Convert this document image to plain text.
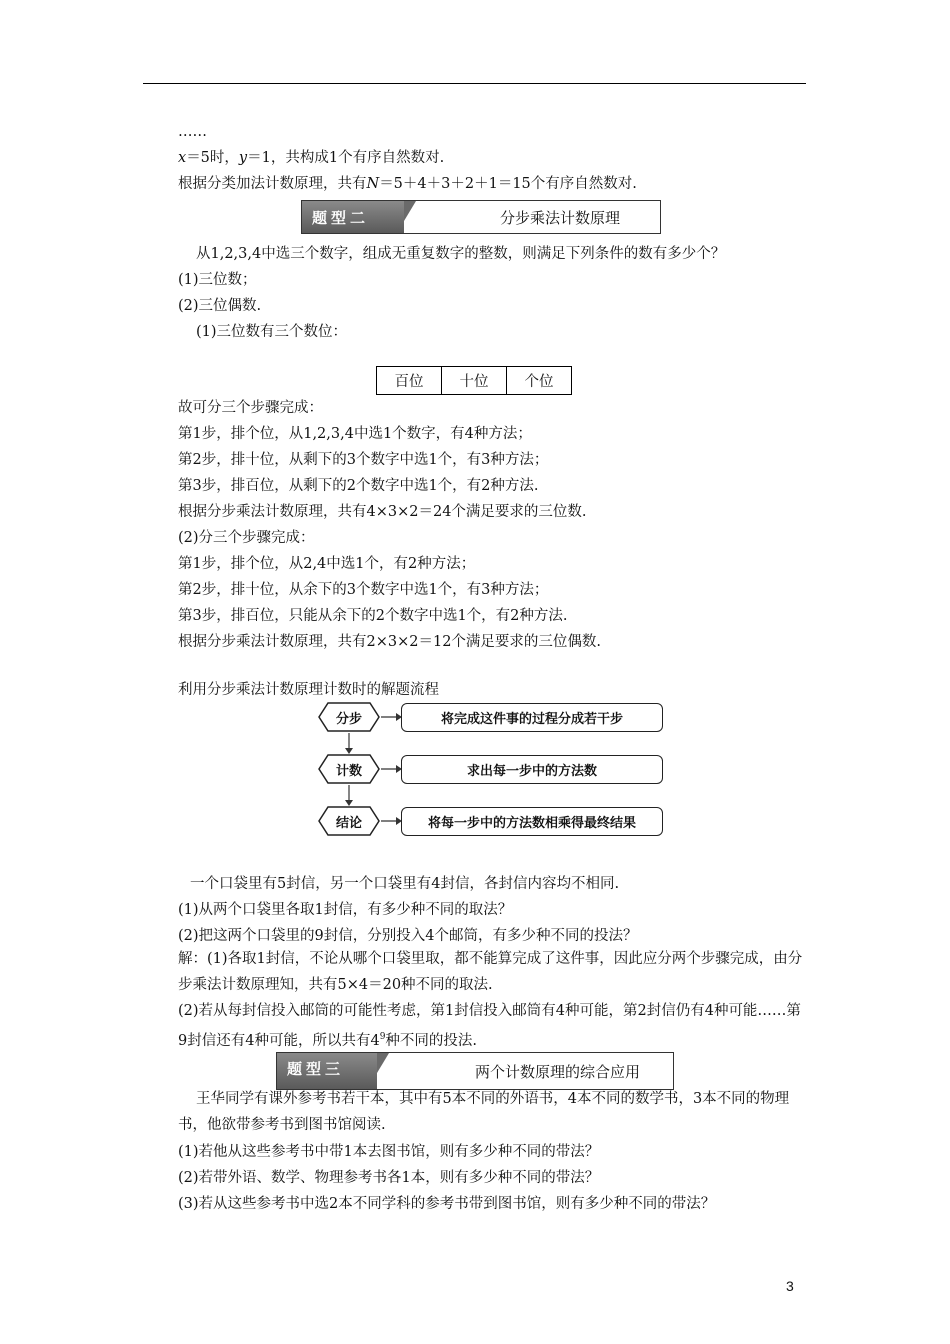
……
x＝5时，y＝1，共构成1个有序自然数对.
根据分类加法计数原理，共有N＝5＋4＋3＋2＋1＝15个有序自然数对.
题型二	分步乘法计数原理
从1,2,3,4中选三个数字，组成无重复数字的整数，则满足下列条件的数有多少个？
(1)三位数；
(2)三位偶数.
(1)三位数有三个数位：
百位	十位	个位
故可分三个步骤完成：
第1步，排个位，从1,2,3,4中选1个数字，有4种方法；
第2步，排十位，从剩下的3个数字中选1个，有3种方法；
第3步，排百位，从剩下的2个数字中选1个，有2种方法.
根据分步乘法计数原理，共有4×3×2＝24个满足要求的三位数.
(2)分三个步骤完成：
第1步，排个位，从2,4中选1个，有2种方法；
第2步，排十位，从余下的3个数字中选1个，有3种方法；
第3步，排百位，只能从余下的2个数字中选1个，有2种方法.
根据分步乘法计数原理，共有2×3×2＝12个满足要求的三位偶数.
利用分步乘法计数原理计数时的解题流程
分步	将完成这件事的过程分成若干步
计数	求出每一步中的方法数
结论	将每一步中的方法数相乘得最终结果
一个口袋里有5封信，另一个口袋里有4封信，各封信内容均不相同.
(1)从两个口袋里各取1封信，有多少种不同的取法？
(2)把这两个口袋里的9封信，分别投入4个邮筒，有多少种不同的投法？
解：(1)各取1封信，不论从哪个口袋里取，都不能算完成了这件事，因此应分两个步骤完成，由分步乘法计数原理知，共有5×4＝20种不同的取法.
(2)若从每封信投入邮筒的可能性考虑，第1封信投入邮筒有4种可能，第2封信仍有4种可能……第9封信还有4种可能，所以共有$4^9$种不同的投法.
题型三	两个计数原理的综合应用
王华同学有课外参考书若干本，其中有5本不同的外语书，4本不同的数学书，3本不同的物理书，他欲带参考书到图书馆阅读.
(1)若他从这些参考书中带1本去图书馆，则有多少种不同的带法？
(2)若带外语、数学、物理参考书各1本，则有多少种不同的带法？
(3)若从这些参考书中选2本不同学科的参考书带到图书馆，则有多少种不同的带法？
3
